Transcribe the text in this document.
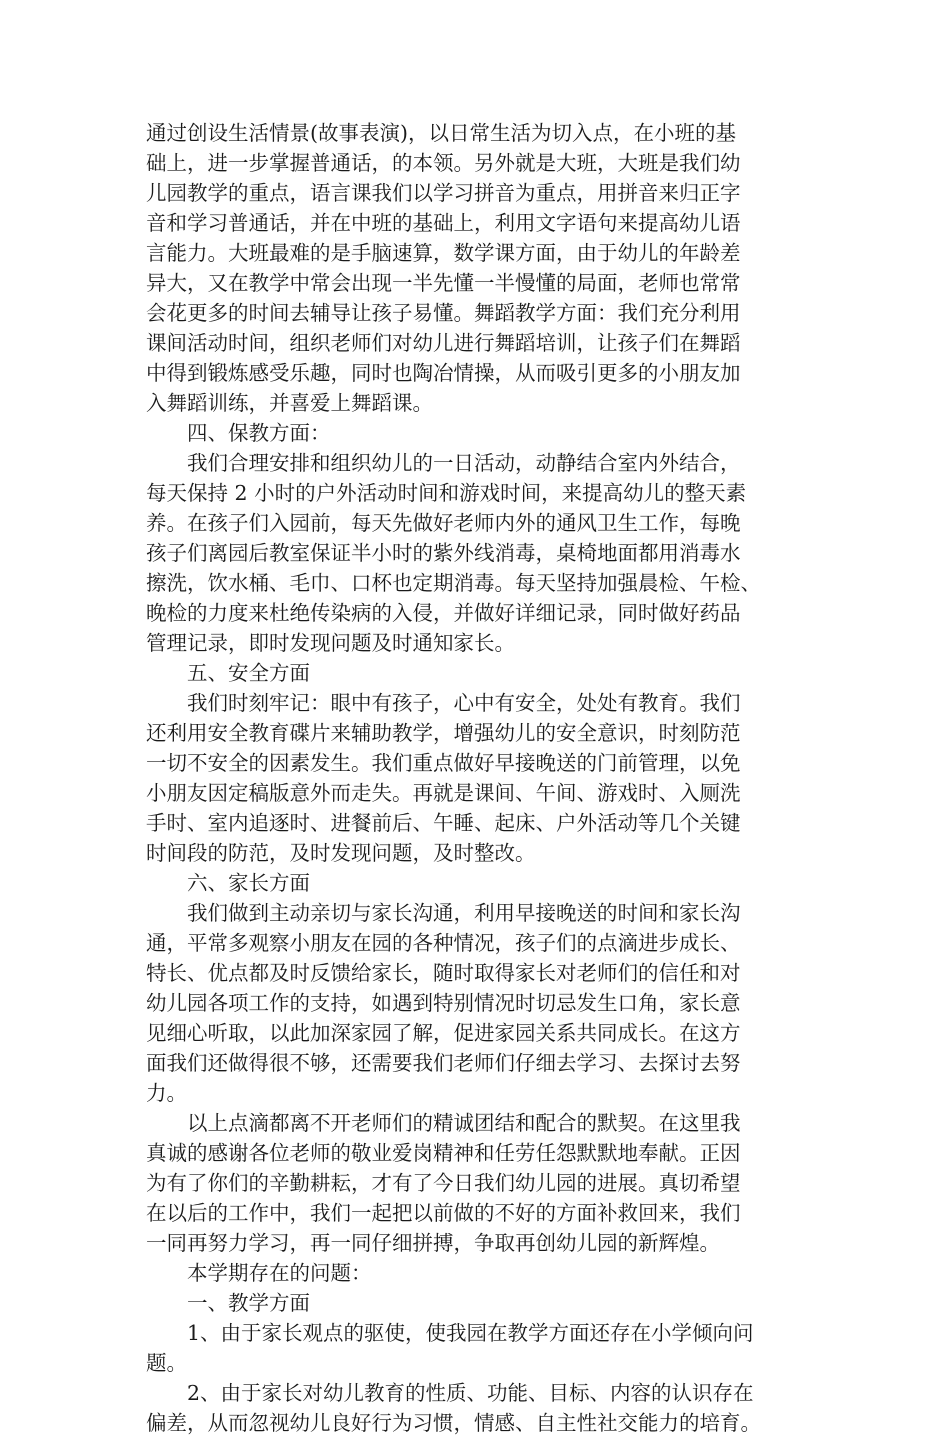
通过创设生活情景(故事表演)，以日常生活为切入点，在小班的基
础上，进一步掌握普通话，的本领。另外就是大班，大班是我们幼
儿园教学的重点，语言课我们以学习拼音为重点，用拼音来归正字
音和学习普通话，并在中班的基础上，利用文字语句来提高幼儿语
言能力。大班最难的是手脑速算，数学课方面，由于幼儿的年龄差
异大，又在教学中常会出现一半先懂一半慢懂的局面，老师也常常
会花更多的时间去辅导让孩子易懂。舞蹈教学方面：我们充分利用
课间活动时间，组织老师们对幼儿进行舞蹈培训，让孩子们在舞蹈
中得到锻炼感受乐趣，同时也陶冶情操，从而吸引更多的小朋友加
入舞蹈训练，并喜爱上舞蹈课。
四、保教方面：
我们合理安排和组织幼儿的一日活动，动静结合室内外结合，
每天保持 2 小时的户外活动时间和游戏时间，来提高幼儿的整天素
养。在孩子们入园前，每天先做好老师内外的通风卫生工作，每晚
孩子们离园后教室保证半小时的紫外线消毒，桌椅地面都用消毒水
擦洗，饮水桶、毛巾、口杯也定期消毒。每天坚持加强晨检、午检、
晚检的力度来杜绝传染病的入侵，并做好详细记录，同时做好药品
管理记录，即时发现问题及时通知家长。
五、安全方面
我们时刻牢记：眼中有孩子，心中有安全，处处有教育。我们
还利用安全教育碟片来辅助教学，增强幼儿的安全意识，时刻防范
一切不安全的因素发生。我们重点做好早接晚送的门前管理，以免
小朋友因定稿版意外而走失。再就是课间、午间、游戏时、入厕洗
手时、室内追逐时、进餐前后、午睡、起床、户外活动等几个关键
时间段的防范，及时发现问题，及时整改。
六、家长方面
我们做到主动亲切与家长沟通，利用早接晚送的时间和家长沟
通，平常多观察小朋友在园的各种情况，孩子们的点滴进步成长、
特长、优点都及时反馈给家长，随时取得家长对老师们的信任和对
幼儿园各项工作的支持，如遇到特别情况时切忌发生口角，家长意
见细心听取，以此加深家园了解，促进家园关系共同成长。在这方
面我们还做得很不够，还需要我们老师们仔细去学习、去探讨去努
力。
以上点滴都离不开老师们的精诚团结和配合的默契。在这里我
真诚的感谢各位老师的敬业爱岗精神和任劳任怨默默地奉献。正因
为有了你们的辛勤耕耘，才有了今日我们幼儿园的进展。真切希望
在以后的工作中，我们一起把以前做的不好的方面补救回来，我们
一同再努力学习，再一同仔细拼搏，争取再创幼儿园的新辉煌。
本学期存在的问题：
一、教学方面
1、由于家长观点的驱使，使我园在教学方面还存在小学倾向问
题。
2、由于家长对幼儿教育的性质、功能、目标、内容的认识存在
偏差，从而忽视幼儿良好行为习惯，情感、自主性社交能力的培育。
